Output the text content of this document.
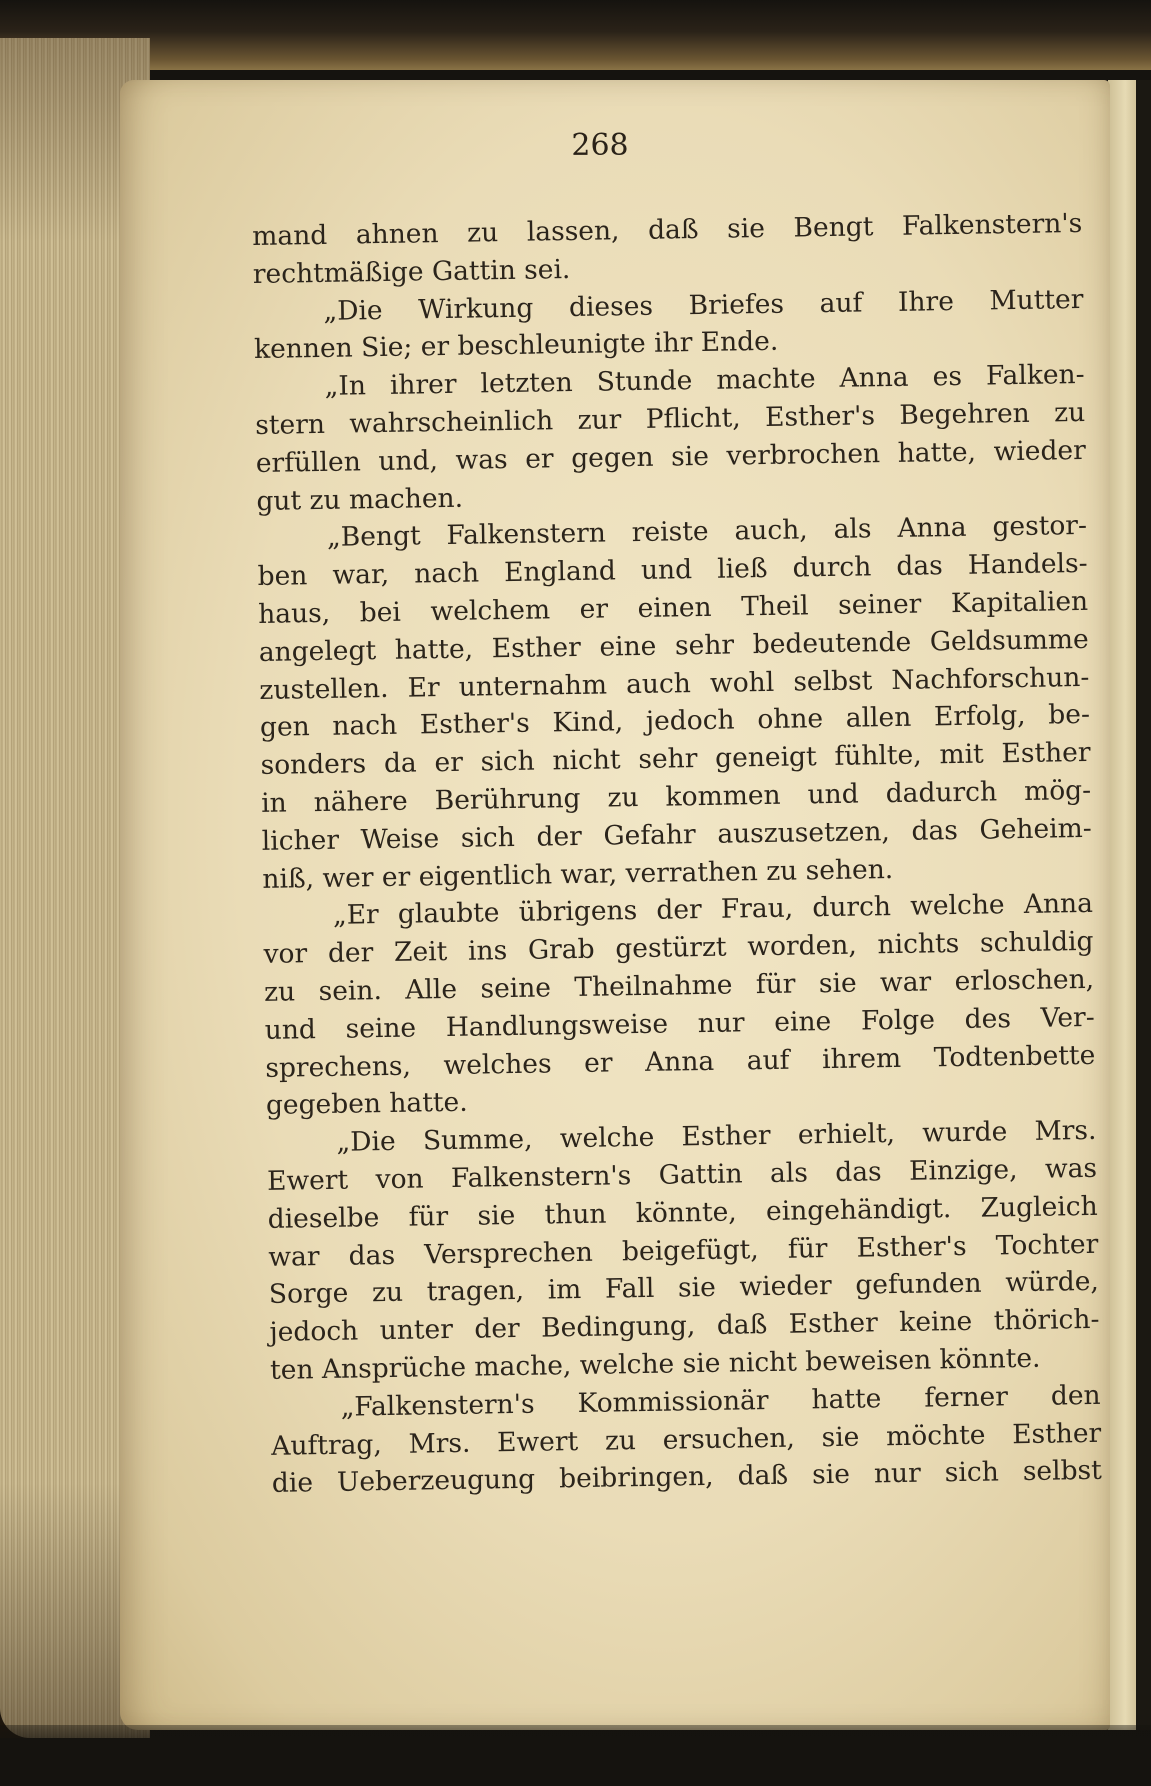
268
mand ahnen zu lassen, daß sie Bengt Falkenstern's
rechtmäßige Gattin sei.
„Die Wirkung dieses Briefes auf Ihre Mutter
kennen Sie; er beschleunigte ihr Ende.
„In ihrer letzten Stunde machte Anna es Falken-
stern wahrscheinlich zur Pflicht, Esther's Begehren zu
erfüllen und, was er gegen sie verbrochen hatte, wieder
gut zu machen.
„Bengt Falkenstern reiste auch, als Anna gestor-
ben war, nach England und ließ durch das Handels-
haus, bei welchem er einen Theil seiner Kapitalien
angelegt hatte, Esther eine sehr bedeutende Geldsumme
zustellen. Er unternahm auch wohl selbst Nachforschun-
gen nach Esther's Kind, jedoch ohne allen Erfolg, be-
sonders da er sich nicht sehr geneigt fühlte, mit Esther
in nähere Berührung zu kommen und dadurch mög-
licher Weise sich der Gefahr auszusetzen, das Geheim-
niß, wer er eigentlich war, verrathen zu sehen.
„Er glaubte übrigens der Frau, durch welche Anna
vor der Zeit ins Grab gestürzt worden, nichts schuldig
zu sein. Alle seine Theilnahme für sie war erloschen,
und seine Handlungsweise nur eine Folge des Ver-
sprechens, welches er Anna auf ihrem Todtenbette
gegeben hatte.
„Die Summe, welche Esther erhielt, wurde Mrs.
Ewert von Falkenstern's Gattin als das Einzige, was
dieselbe für sie thun könnte, eingehändigt. Zugleich
war das Versprechen beigefügt, für Esther's Tochter
Sorge zu tragen, im Fall sie wieder gefunden würde,
jedoch unter der Bedingung, daß Esther keine thörich-
ten Ansprüche mache, welche sie nicht beweisen könnte.
„Falkenstern's Kommissionär hatte ferner den
Auftrag, Mrs. Ewert zu ersuchen, sie möchte Esther
die Ueberzeugung beibringen, daß sie nur sich selbst
